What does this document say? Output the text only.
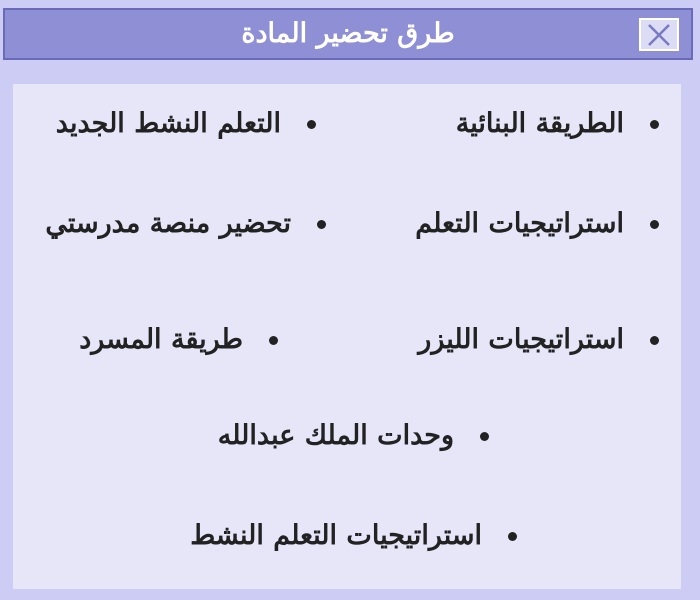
طرق تحضير المادة
الطريقة البنائية
التعلم النشط الجديد
استراتيجيات التعلم
تحضير منصة مدرستي
استراتيجيات الليزر
طريقة المسرد
وحدات الملك عبدالله
استراتيجيات التعلم النشط
